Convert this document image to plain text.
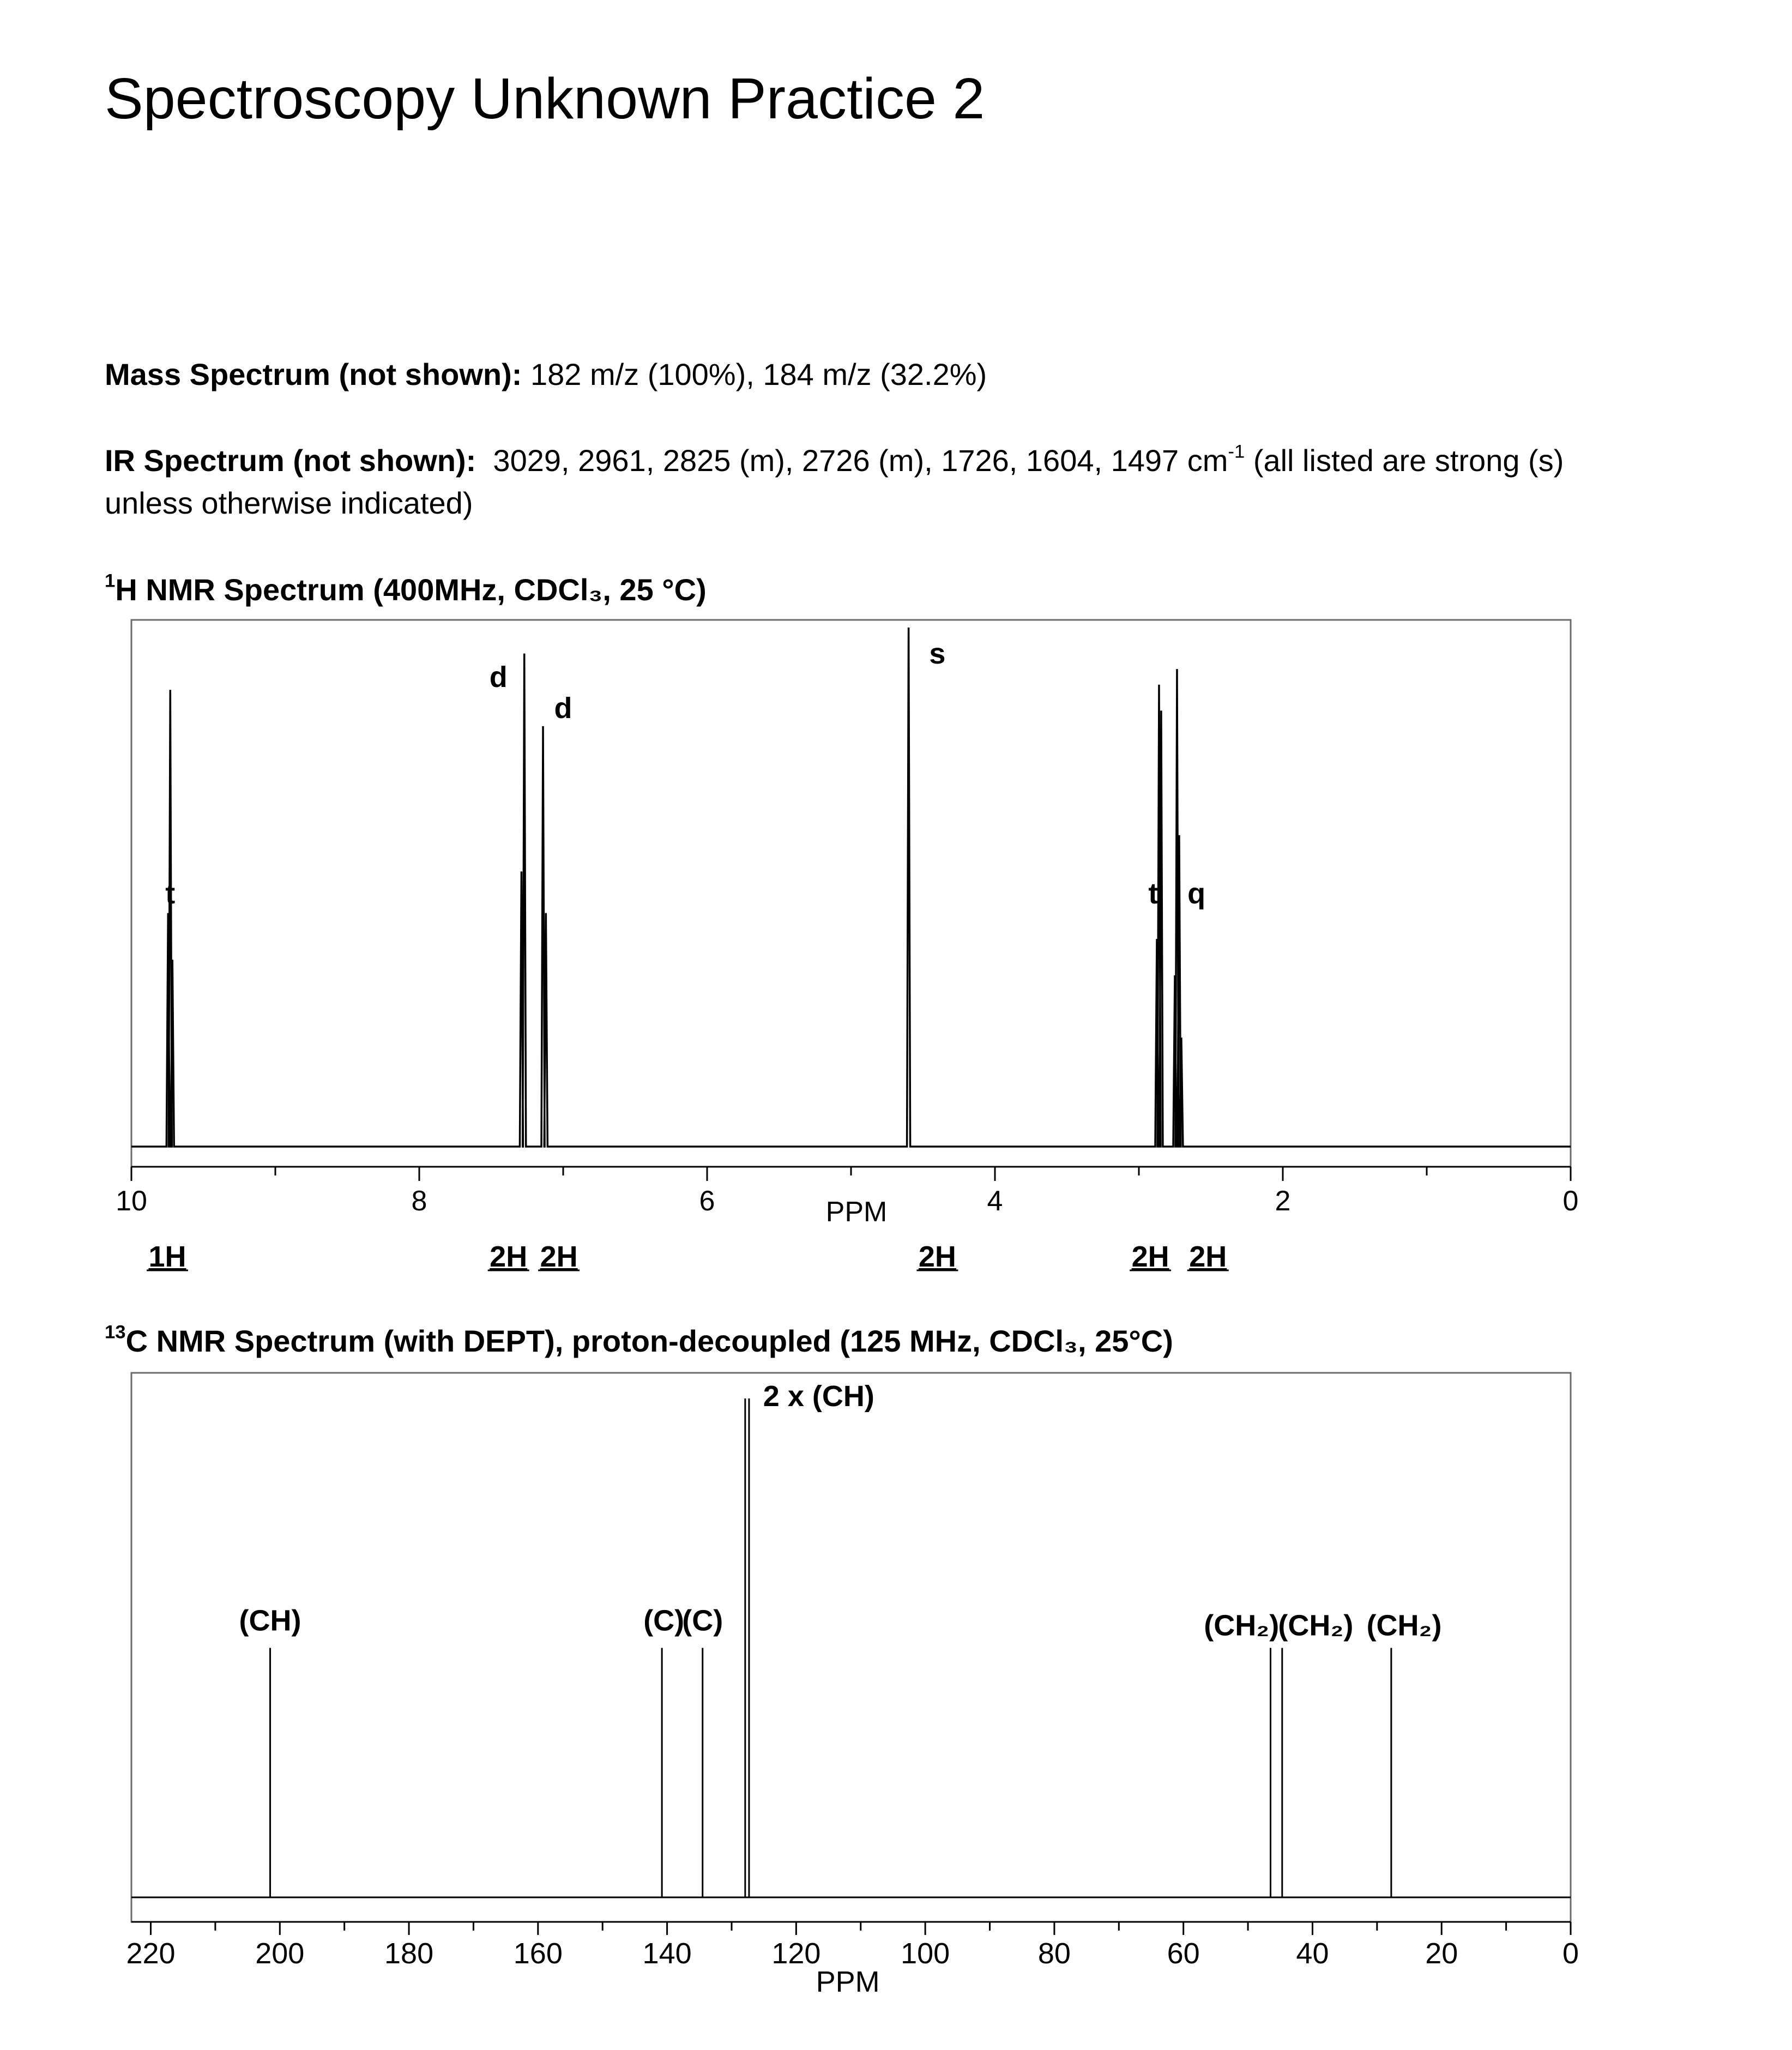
Spectroscopy Unknown Practice 2

Mass Spectrum (not shown): 182 m/z (100%), 184 m/z (32.2%)

IR Spectrum (not shown): 3029, 2961, 2825 (m), 2726 (m), 1726, 1604, 1497 $cm^{-1}$ (all listed are strong (s)
unless otherwise indicated)

$^1$H NMR Spectrum (400MHz, CDCl₃, 25 °C)

10	8	6	4	2	0
PPM
t
d
d
s
t q
1H	2H 2H	2H	2H 2H

$^{13}$C NMR Spectrum (with DEPT), proton-decoupled (125 MHz, CDCl₃, 25°C)

220	200	180	160	140	120	100	80	60	40	20	0
PPM
(CH)	(C)
(C)
2 x (CH)
(CH₂)
(CH₂) (CH₂)
